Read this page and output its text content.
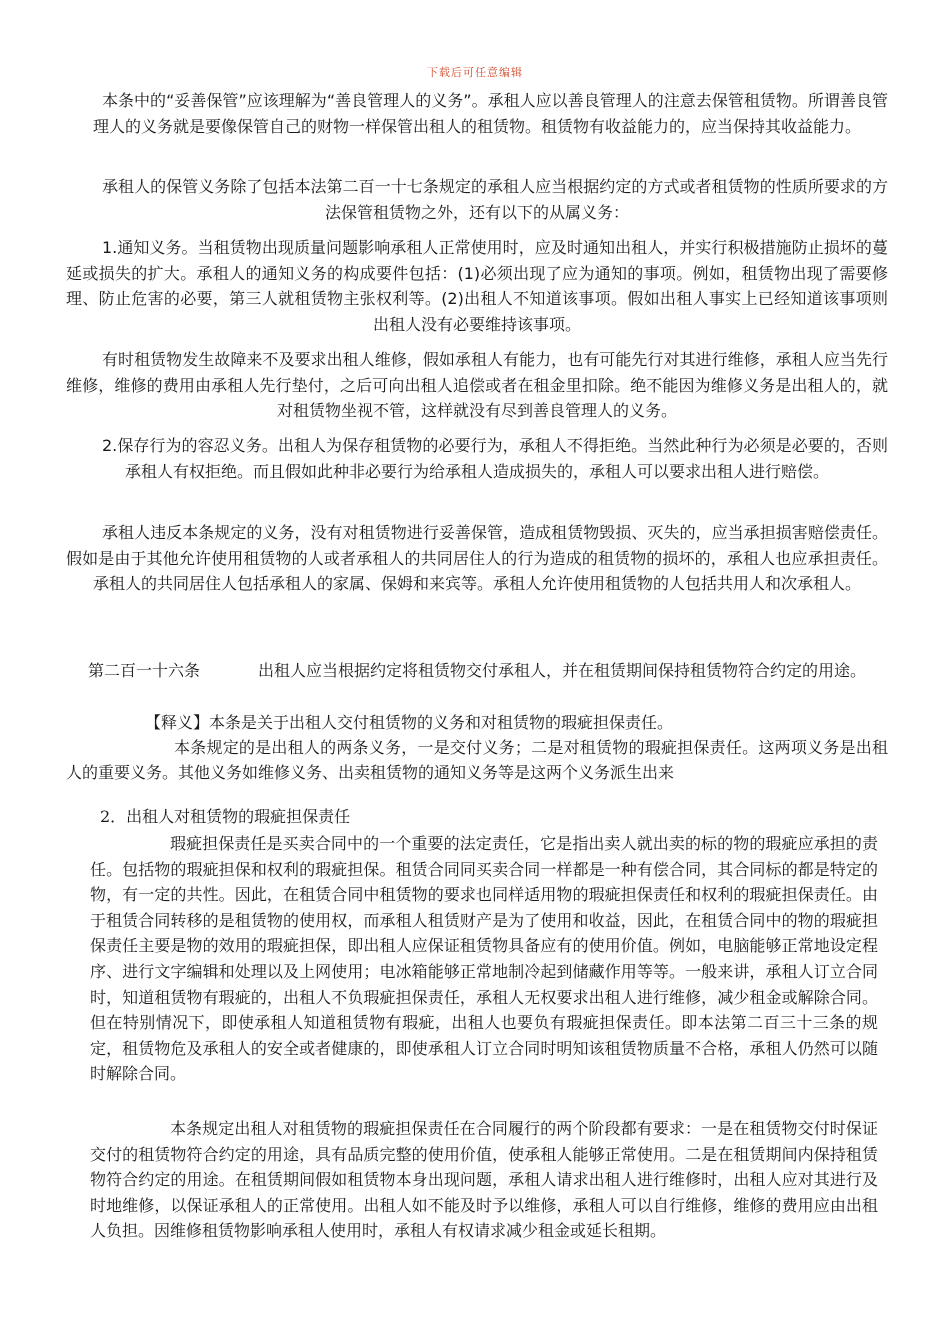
下载后可任意编辑

本条中的“妥善保管”应该理解为“善良管理人的义务”。承租人应以善良管理人的注意去保管租赁物。所谓善良管理人的义务就是要像保管自己的财物一样保管出租人的租赁物。租赁物有收益能力的，应当保持其收益能力。

承租人的保管义务除了包括本法第二百一十七条规定的承租人应当根据约定的方式或者租赁物的性质所要求的方法保管租赁物之外，还有以下的从属义务：

1.通知义务。当租赁物出现质量问题影响承租人正常使用时，应及时通知出租人，并实行积极措施防止损坏的蔓延或损失的扩大。承租人的通知义务的构成要件包括：(1)必须出现了应为通知的事项。例如，租赁物出现了需要修理、防止危害的必要，第三人就租赁物主张权利等。(2)出租人不知道该事项。假如出租人事实上已经知道该事项则出租人没有必要维持该事项。

有时租赁物发生故障来不及要求出租人维修，假如承租人有能力，也有可能先行对其进行维修，承租人应当先行维修，维修的费用由承租人先行垫付，之后可向出租人追偿或者在租金里扣除。绝不能因为维修义务是出租人的，就对租赁物坐视不管，这样就没有尽到善良管理人的义务。

2.保存行为的容忍义务。出租人为保存租赁物的必要行为，承租人不得拒绝。当然此种行为必须是必要的，否则承租人有权拒绝。而且假如此种非必要行为给承租人造成损失的，承租人可以要求出租人进行赔偿。

承租人违反本条规定的义务，没有对租赁物进行妥善保管，造成租赁物毁损、灭失的，应当承担损害赔偿责任。假如是由于其他允许使用租赁物的人或者承租人的共同居住人的行为造成的租赁物的损坏的，承租人也应承担责任。承租人的共同居住人包括承租人的家属、保姆和来宾等。承租人允许使用租赁物的人包括共用人和次承租人。

第二百一十六条	出租人应当根据约定将租赁物交付承租人，并在租赁期间保持租赁物符合约定的用途。

【释义】本条是关于出租人交付租赁物的义务和对租赁物的瑕疵担保责任。

本条规定的是出租人的两条义务，一是交付义务；二是对租赁物的瑕疵担保责任。这两项义务是出租人的重要义务。其他义务如维修义务、出卖租赁物的通知义务等是这两个义务派生出来

2．出租人对租赁物的瑕疵担保责任

瑕疵担保责任是买卖合同中的一个重要的法定责任，它是指出卖人就出卖的标的物的瑕疵应承担的责任。包括物的瑕疵担保和权利的瑕疵担保。租赁合同同买卖合同一样都是一种有偿合同，其合同标的都是特定的物，有一定的共性。因此，在租赁合同中租赁物的要求也同样适用物的瑕疵担保责任和权利的瑕疵担保责任。由于租赁合同转移的是租赁物的使用权，而承租人租赁财产是为了使用和收益，因此，在租赁合同中的物的瑕疵担保责任主要是物的效用的瑕疵担保，即出租人应保证租赁物具备应有的使用价值。例如，电脑能够正常地设定程序、进行文字编辑和处理以及上网使用；电冰箱能够正常地制冷起到储藏作用等等。一般来讲，承租人订立合同时，知道租赁物有瑕疵的，出租人不负瑕疵担保责任，承租人无权要求出租人进行维修，减少租金或解除合同。但在特别情况下，即使承租人知道租赁物有瑕疵，出租人也要负有瑕疵担保责任。即本法第二百三十三条的规定，租赁物危及承租人的安全或者健康的，即使承租人订立合同时明知该租赁物质量不合格，承租人仍然可以随时解除合同。

本条规定出租人对租赁物的瑕疵担保责任在合同履行的两个阶段都有要求：一是在租赁物交付时保证交付的租赁物符合约定的用途，具有品质完整的使用价值，使承租人能够正常使用。二是在租赁期间内保持租赁物符合约定的用途。在租赁期间假如租赁物本身出现问题，承租人请求出租人进行维修时，出租人应对其进行及时地维修，以保证承租人的正常使用。出租人如不能及时予以维修，承租人可以自行维修，维修的费用应由出租人负担。因维修租赁物影响承租人使用时，承租人有权请求减少租金或延长租期。
